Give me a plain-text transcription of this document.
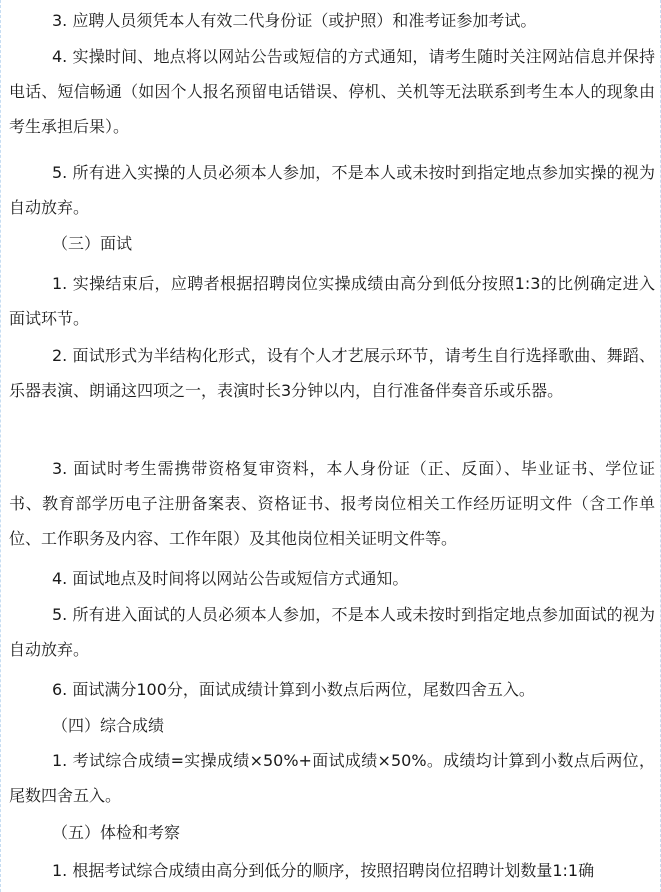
3. 应聘人员须凭本人有效二代身份证（或护照）和准考证参加考试。

4. 实操时间、地点将以网站公告或短信的方式通知，请考生随时关注网站信息并保持电话、短信畅通（如因个人报名预留电话错误、停机、关机等无法联系到考生本人的现象由考生承担后果）。

5. 所有进入实操的人员必须本人参加，不是本人或未按时到指定地点参加实操的视为自动放弃。

（三）面试

1. 实操结束后，应聘者根据招聘岗位实操成绩由高分到低分按照1:3的比例确定进入面试环节。

2. 面试形式为半结构化形式，设有个人才艺展示环节，请考生自行选择歌曲、舞蹈、乐器表演、朗诵这四项之一，表演时长3分钟以内，自行准备伴奏音乐或乐器。

3. 面试时考生需携带资格复审资料，本人身份证（正、反面）、毕业证书、学位证书、教育部学历电子注册备案表、资格证书、报考岗位相关工作经历证明文件（含工作单位、工作职务及内容、工作年限）及其他岗位相关证明文件等。

4. 面试地点及时间将以网站公告或短信方式通知。

5. 所有进入面试的人员必须本人参加，不是本人或未按时到指定地点参加面试的视为自动放弃。

6. 面试满分100分，面试成绩计算到小数点后两位，尾数四舍五入。

（四）综合成绩

1. 考试综合成绩=实操成绩×50%+面试成绩×50%。成绩均计算到小数点后两位，尾数四舍五入。

（五）体检和考察

1. 根据考试综合成绩由高分到低分的顺序，按照招聘岗位招聘计划数量1:1确
